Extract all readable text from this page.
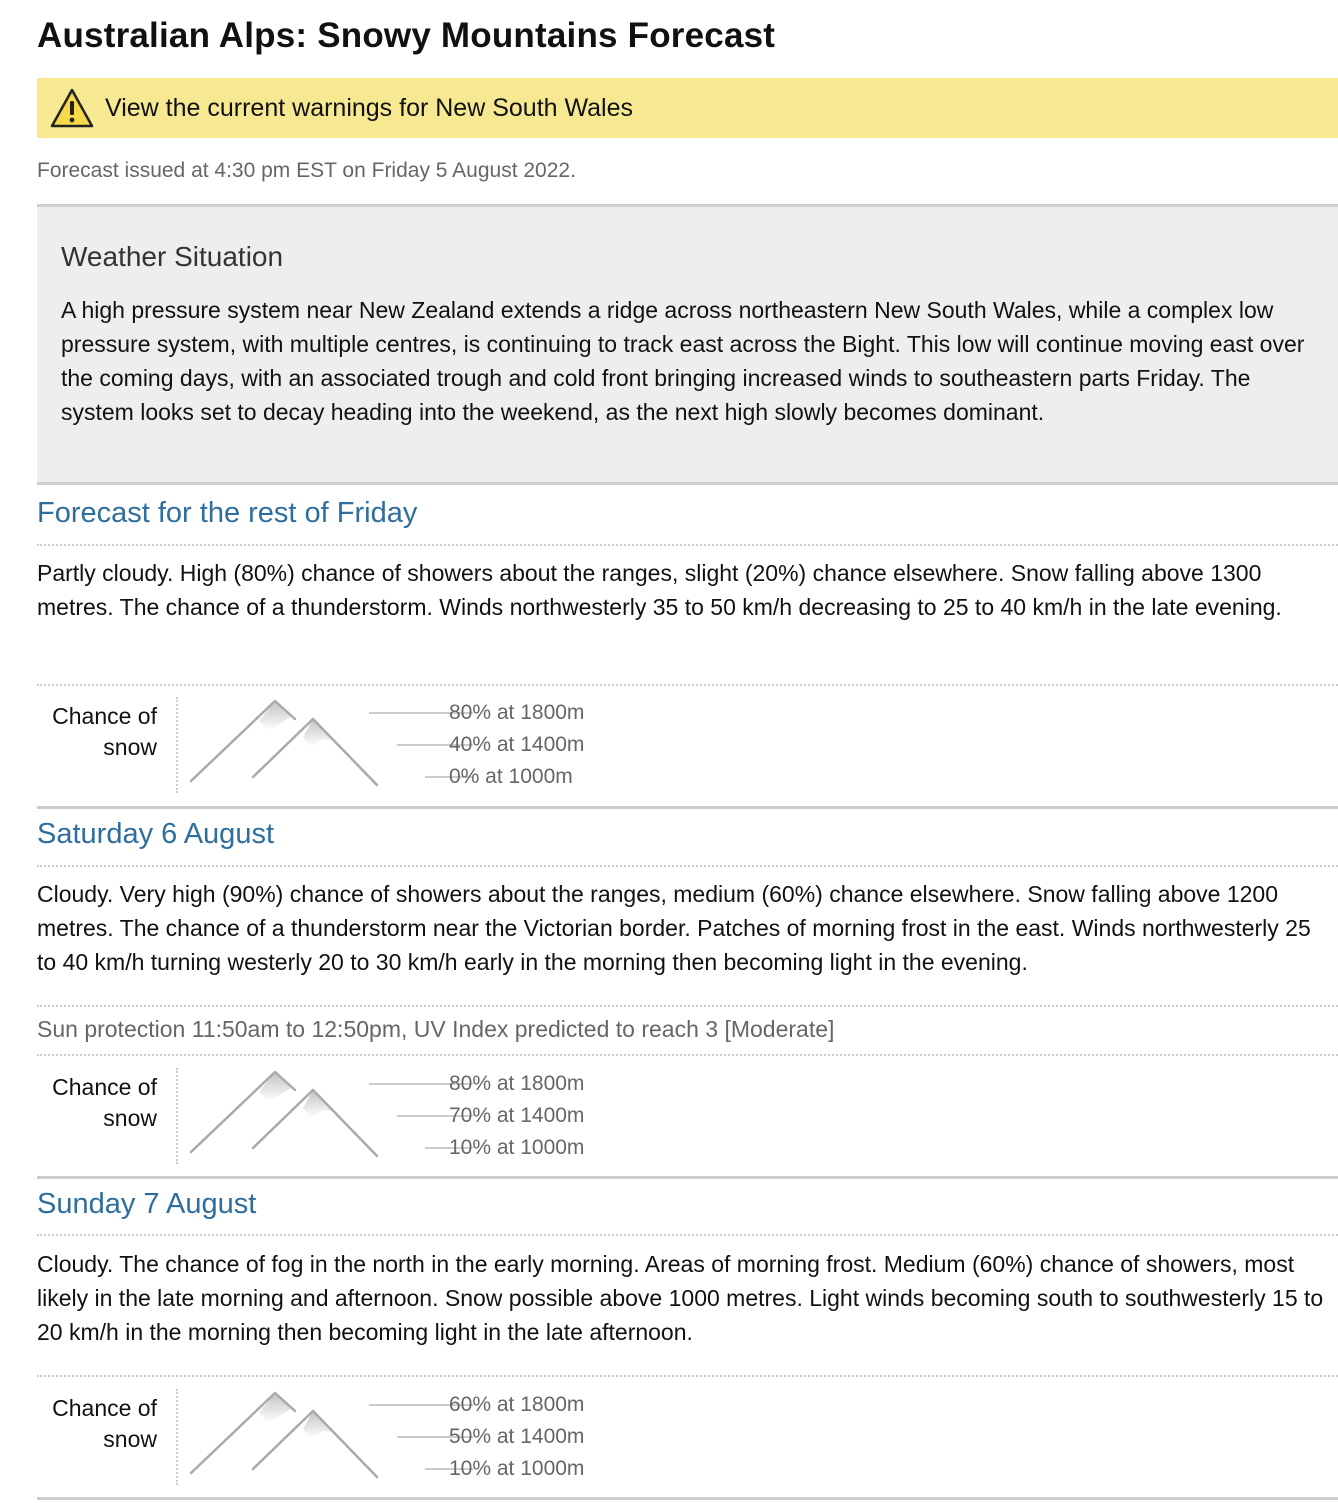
Australian Alps: Snowy Mountains Forecast
View the current warnings for New South Wales
Forecast issued at 4:30 pm EST on Friday 5 August 2022.
Weather Situation

A high pressure system near New Zealand extends a ridge across northeastern New South Wales, while a complex low pressure system, with multiple centres, is continuing to track east across the Bight. This low will continue moving east over the coming days, with an associated trough and cold front bringing increased winds to southeastern parts Friday. The system looks set to decay heading into the weekend, as the next high slowly becomes dominant.

Forecast for the rest of Friday

Partly cloudy. High (80%) chance of showers about the ranges, slight (20%) chance elsewhere. Snow falling above 1300 metres. The chance of a thunderstorm. Winds northwesterly 35 to 50 km/h decreasing to 25 to 40 km/h in the late evening.

Chance of
snow
80% at 1800m
40% at 1400m
0% at 1000m
Saturday 6 August

Cloudy. Very high (90%) chance of showers about the ranges, medium (60%) chance elsewhere. Snow falling above 1200 metres. The chance of a thunderstorm near the Victorian border. Patches of morning frost in the east. Winds northwesterly 25 to 40 km/h turning westerly 20 to 30 km/h early in the morning then becoming light in the evening.

Sun protection 11:50am to 12:50pm, UV Index predicted to reach 3 [Moderate]
Chance of
snow
80% at 1800m
70% at 1400m
10% at 1000m
Sunday 7 August

Cloudy. The chance of fog in the north in the early morning. Areas of morning frost. Medium (60%) chance of showers, most likely in the late morning and afternoon. Snow possible above 1000 metres. Light winds becoming south to southwesterly 15 to 20 km/h in the morning then becoming light in the late afternoon.

Chance of
snow
60% at 1800m
50% at 1400m
10% at 1000m
